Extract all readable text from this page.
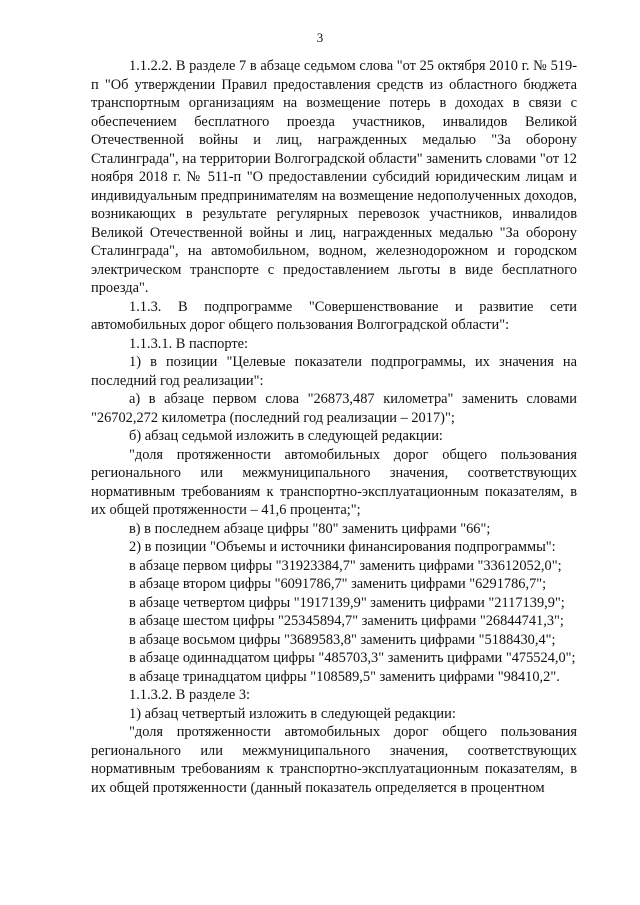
3

1.1.2.2. В разделе 7 в абзаце седьмом слова "от 25 октября 2010 г. № 519-п "Об утверждении Правил предоставления средств из областного бюджета транспортным организациям на возмещение потерь в доходах в связи с обеспечением бесплатного проезда участников, инвалидов Великой Отечественной войны и лиц, награжденных медалью "За оборону Сталинграда", на территории Волгоградской области" заменить словами "от 12 ноября 2018 г. № 511-п "О предоставлении субсидий юридическим лицам и индивидуальным предпринимателям на возмещение недополученных доходов, возникающих в результате регулярных перевозок участников, инвалидов Великой Отечественной войны и лиц, награжденных медалью "За оборону Сталинграда", на автомобильном, водном, железнодорожном и городском электрическом транспорте с предоставлением льготы в виде бесплатного проезда".

1.1.3. В подпрограмме "Совершенствование и развитие сети автомобильных дорог общего пользования Волгоградской области":

1.1.3.1. В паспорте:

1) в позиции "Целевые показатели подпрограммы, их значения на последний год реализации":

а) в абзаце первом слова "26873,487 километра" заменить словами "26702,272 километра (последний год реализации – 2017)";

б) абзац седьмой изложить в следующей редакции:

"доля протяженности автомобильных дорог общего пользования регионального или межмуниципального значения, соответствующих нормативным требованиям к транспортно-эксплуатационным показателям, в их общей протяженности – 41,6 процента;";

в) в последнем абзаце цифры "80" заменить цифрами "66";

2) в позиции "Объемы и источники финансирования подпрограммы":

в абзаце первом цифры "31923384,7" заменить цифрами "33612052,0";

в абзаце втором цифры "6091786,7" заменить цифрами "6291786,7";

в абзаце четвертом цифры "1917139,9" заменить цифрами "2117139,9";

в абзаце шестом цифры "25345894,7" заменить цифрами "26844741,3";

в абзаце восьмом цифры "3689583,8" заменить цифрами "5188430,4";

в абзаце одиннадцатом цифры "485703,3" заменить цифрами "475524,0";

в абзаце тринадцатом цифры "108589,5" заменить цифрами "98410,2".

1.1.3.2. В разделе 3:

1) абзац четвертый изложить в следующей редакции:

"доля протяженности автомобильных дорог общего пользования регионального или межмуниципального значения, соответствующих нормативным требованиям к транспортно-эксплуатационным показателям, в их общей протяженности (данный показатель определяется в процентном
